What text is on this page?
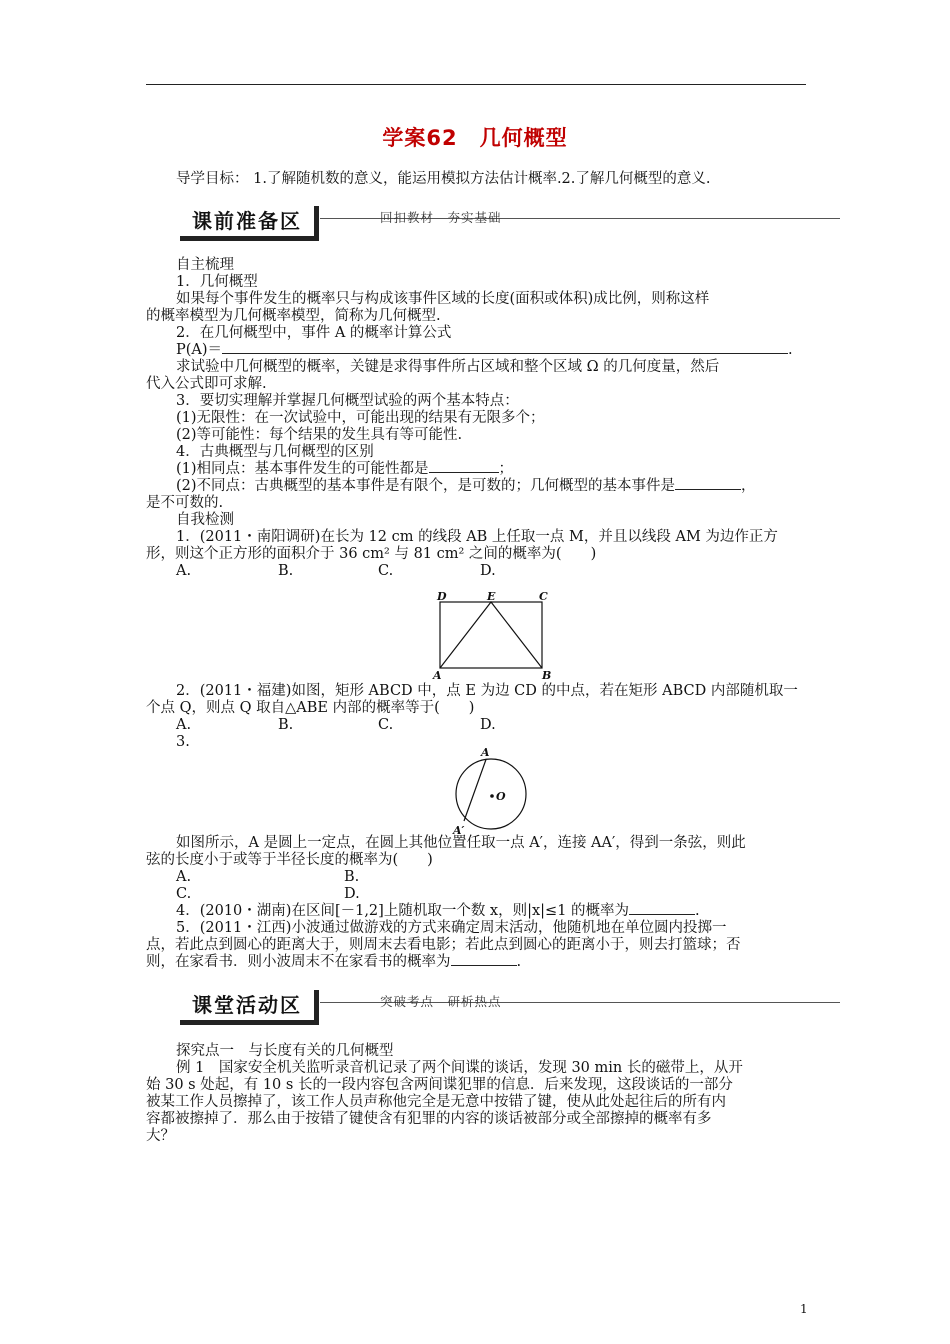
学案62　几何概型
导学目标： 1.了解随机数的意义，能运用模拟方法估计概率.2.了解几何概型的意义.
课前准备区	回扣教材　夯实基础
自主梳理
1．几何概型
如果每个事件发生的概率只与构成该事件区域的长度(面积或体积)成比例，则称这样
的概率模型为几何概率模型，简称为几何概型.
2．在几何概型中，事件 A 的概率计算公式
P(A)＝	.
求试验中几何概型的概率，关键是求得事件所占区域和整个区域 Ω 的几何度量，然后
代入公式即可求解.
3．要切实理解并掌握几何概型试验的两个基本特点：
(1)无限性：在一次试验中，可能出现的结果有无限多个；
(2)等可能性：每个结果的发生具有等可能性.
4．古典概型与几何概型的区别
(1)相同点：基本事件发生的可能性都是	；
(2)不同点：古典概型的基本事件是有限个，是可数的；几何概型的基本事件是	，
是不可数的.
自我检测
1．(2011・南阳调研)在长为 12 cm 的线段 AB 上任取一点 M，并且以线段 AM 为边作正方
形，则这个正方形的面积介于 36 cm² 与 81 cm² 之间的概率为(　　)
A.	B.	C.	D.
D	E	C
A	B
2．(2011・福建)如图，矩形 ABCD 中，点 E 为边 CD 的中点，若在矩形 ABCD 内部随机取一
个点 Q，则点 Q 取自△ABE 内部的概率等于(　　)
A.	B.	C.	D.
3.
A
O
A′
如图所示，A 是圆上一定点，在圆上其他位置任取一点 A′，连接 AA′，得到一条弦，则此
弦的长度小于或等于半径长度的概率为(　　)
A.
C.
B.
D.
4．(2010・湖南)在区间[－1,2]上随机取一个数 x，则|x|≤1 的概率为	.
5．(2011・江西)小波通过做游戏的方式来确定周末活动，他随机地在单位圆内投掷一
点，若此点到圆心的距离大于，则周末去看电影；若此点到圆心的距离小于，则去打篮球；否
则，在家看书．则小波周末不在家看书的概率为	.
课堂活动区	突破考点　研析热点
探究点一　与长度有关的几何概型
例 1　国家安全机关监听录音机记录了两个间谍的谈话，发现 30 min 长的磁带上，从开
始 30 s 处起，有 10 s 长的一段内容包含两间谍犯罪的信息．后来发现，这段谈话的一部分
被某工作人员擦掉了，该工作人员声称他完全是无意中按错了键，使从此处起往后的所有内
容都被擦掉了．那么由于按错了键使含有犯罪的内容的谈话被部分或全部擦掉的概率有多
大？
1
